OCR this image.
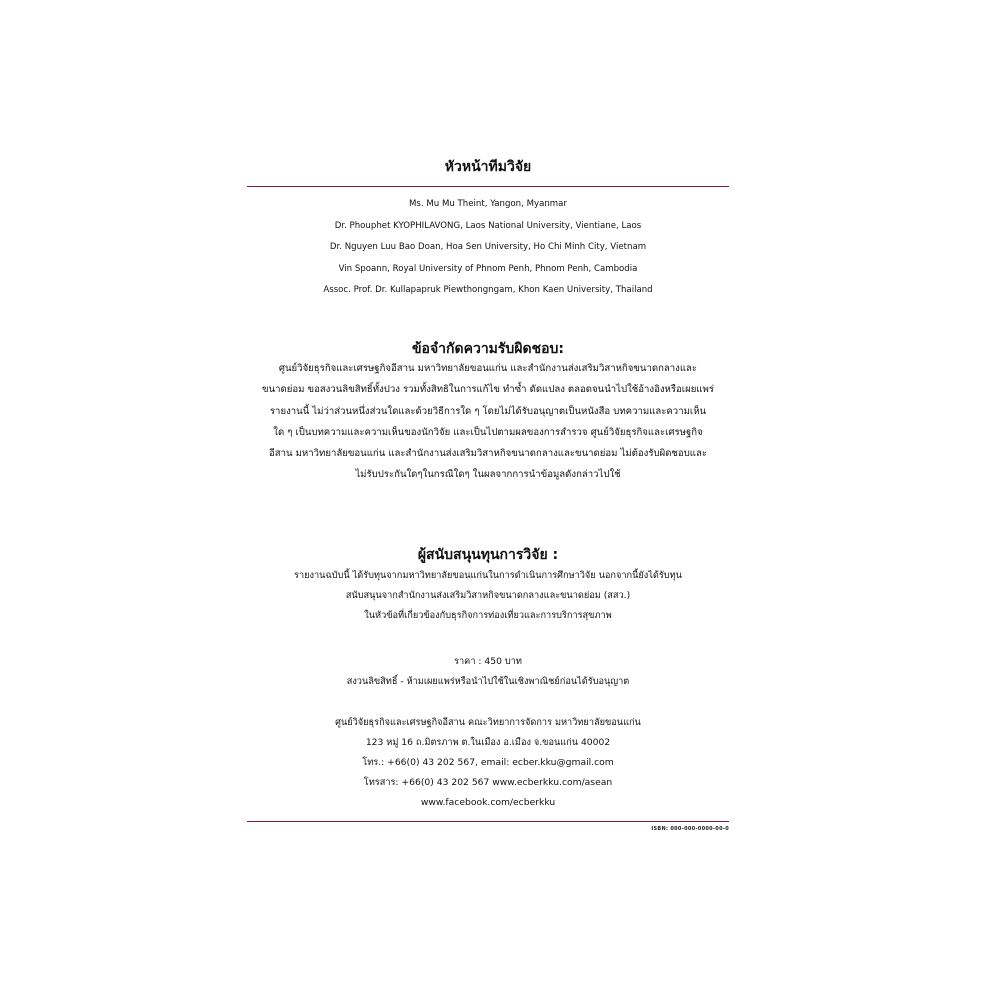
หัวหน้าทีมวิจัย
Ms. Mu Mu Theint, Yangon, Myanmar
Dr. Phouphet KYOPHILAVONG, Laos National University, Vientiane, Laos
Dr. Nguyen Luu Bao Doan, Hoa Sen University, Ho Chi Minh City, Vietnam
Vin Spoann, Royal University of Phnom Penh, Phnom Penh, Cambodia
Assoc. Prof. Dr. Kullapapruk Piewthongngam, Khon Kaen University, Thailand
ข้อจำกัดความรับผิดชอบ:
ศูนย์วิจัยธุรกิจและเศรษฐกิจอีสาน มหาวิทยาลัยขอนแก่น และสำนักงานส่งเสริมวิสาหกิจขนาดกลางและ
ขนาดย่อม ขอสงวนลิขสิทธิ์ทั้งปวง รวมทั้งสิทธิในการแก้ไข ทำซ้ำ ดัดแปลง ตลอดจนนำไปใช้อ้างอิงหรือเผยแพร่
รายงานนี้ ไม่ว่าส่วนหนึ่งส่วนใดและด้วยวิธีการใด ๆ โดยไม่ได้รับอนุญาตเป็นหนังสือ บทความและความเห็น
ใด ๆ เป็นบทความและความเห็นของนักวิจัย และเป็นไปตามผลของการสำรวจ ศูนย์วิจัยธุรกิจและเศรษฐกิจ
อีสาน มหาวิทยาลัยขอนแก่น และสำนักงานส่งเสริมวิสาหกิจขนาดกลางและขนาดย่อม ไม่ต้องรับผิดชอบและ
ไม่รับประกันใดๆในกรณีใดๆ ในผลจากการนำข้อมูลดังกล่าวไปใช้
ผู้สนับสนุนทุนการวิจัย :
รายงานฉบับนี้ ได้รับทุนจากมหาวิทยาลัยขอนแก่นในการดำเนินการศึกษาวิจัย นอกจากนี้ยังได้รับทุน
สนับสนุนจากสำนักงานส่งเสริมวิสาหกิจขนาดกลางและขนาดย่อม (สสว.)
ในหัวข้อที่เกี่ยวข้องกับธุรกิจการท่องเที่ยวและการบริการสุขภาพ
ราคา : 450 บาท
สงวนลิขสิทธิ์ - ห้ามเผยแพร่หรือนำไปใช้ในเชิงพาณิชย์ก่อนได้รับอนุญาต
ศูนย์วิจัยธุรกิจและเศรษฐกิจอีสาน คณะวิทยาการจัดการ มหาวิทยาลัยขอนแก่น
123 หมู่ 16 ถ.มิตรภาพ ต.ในเมือง อ.เมือง จ.ขอนแก่น 40002
โทร.: +66(0) 43 202 567, email: ecber.kku@gmail.com
โทรสาร: +66(0) 43 202 567 www.ecberkku.com/asean
www.facebook.com/ecberkku
ISBN: 000-000-0000-00-0
